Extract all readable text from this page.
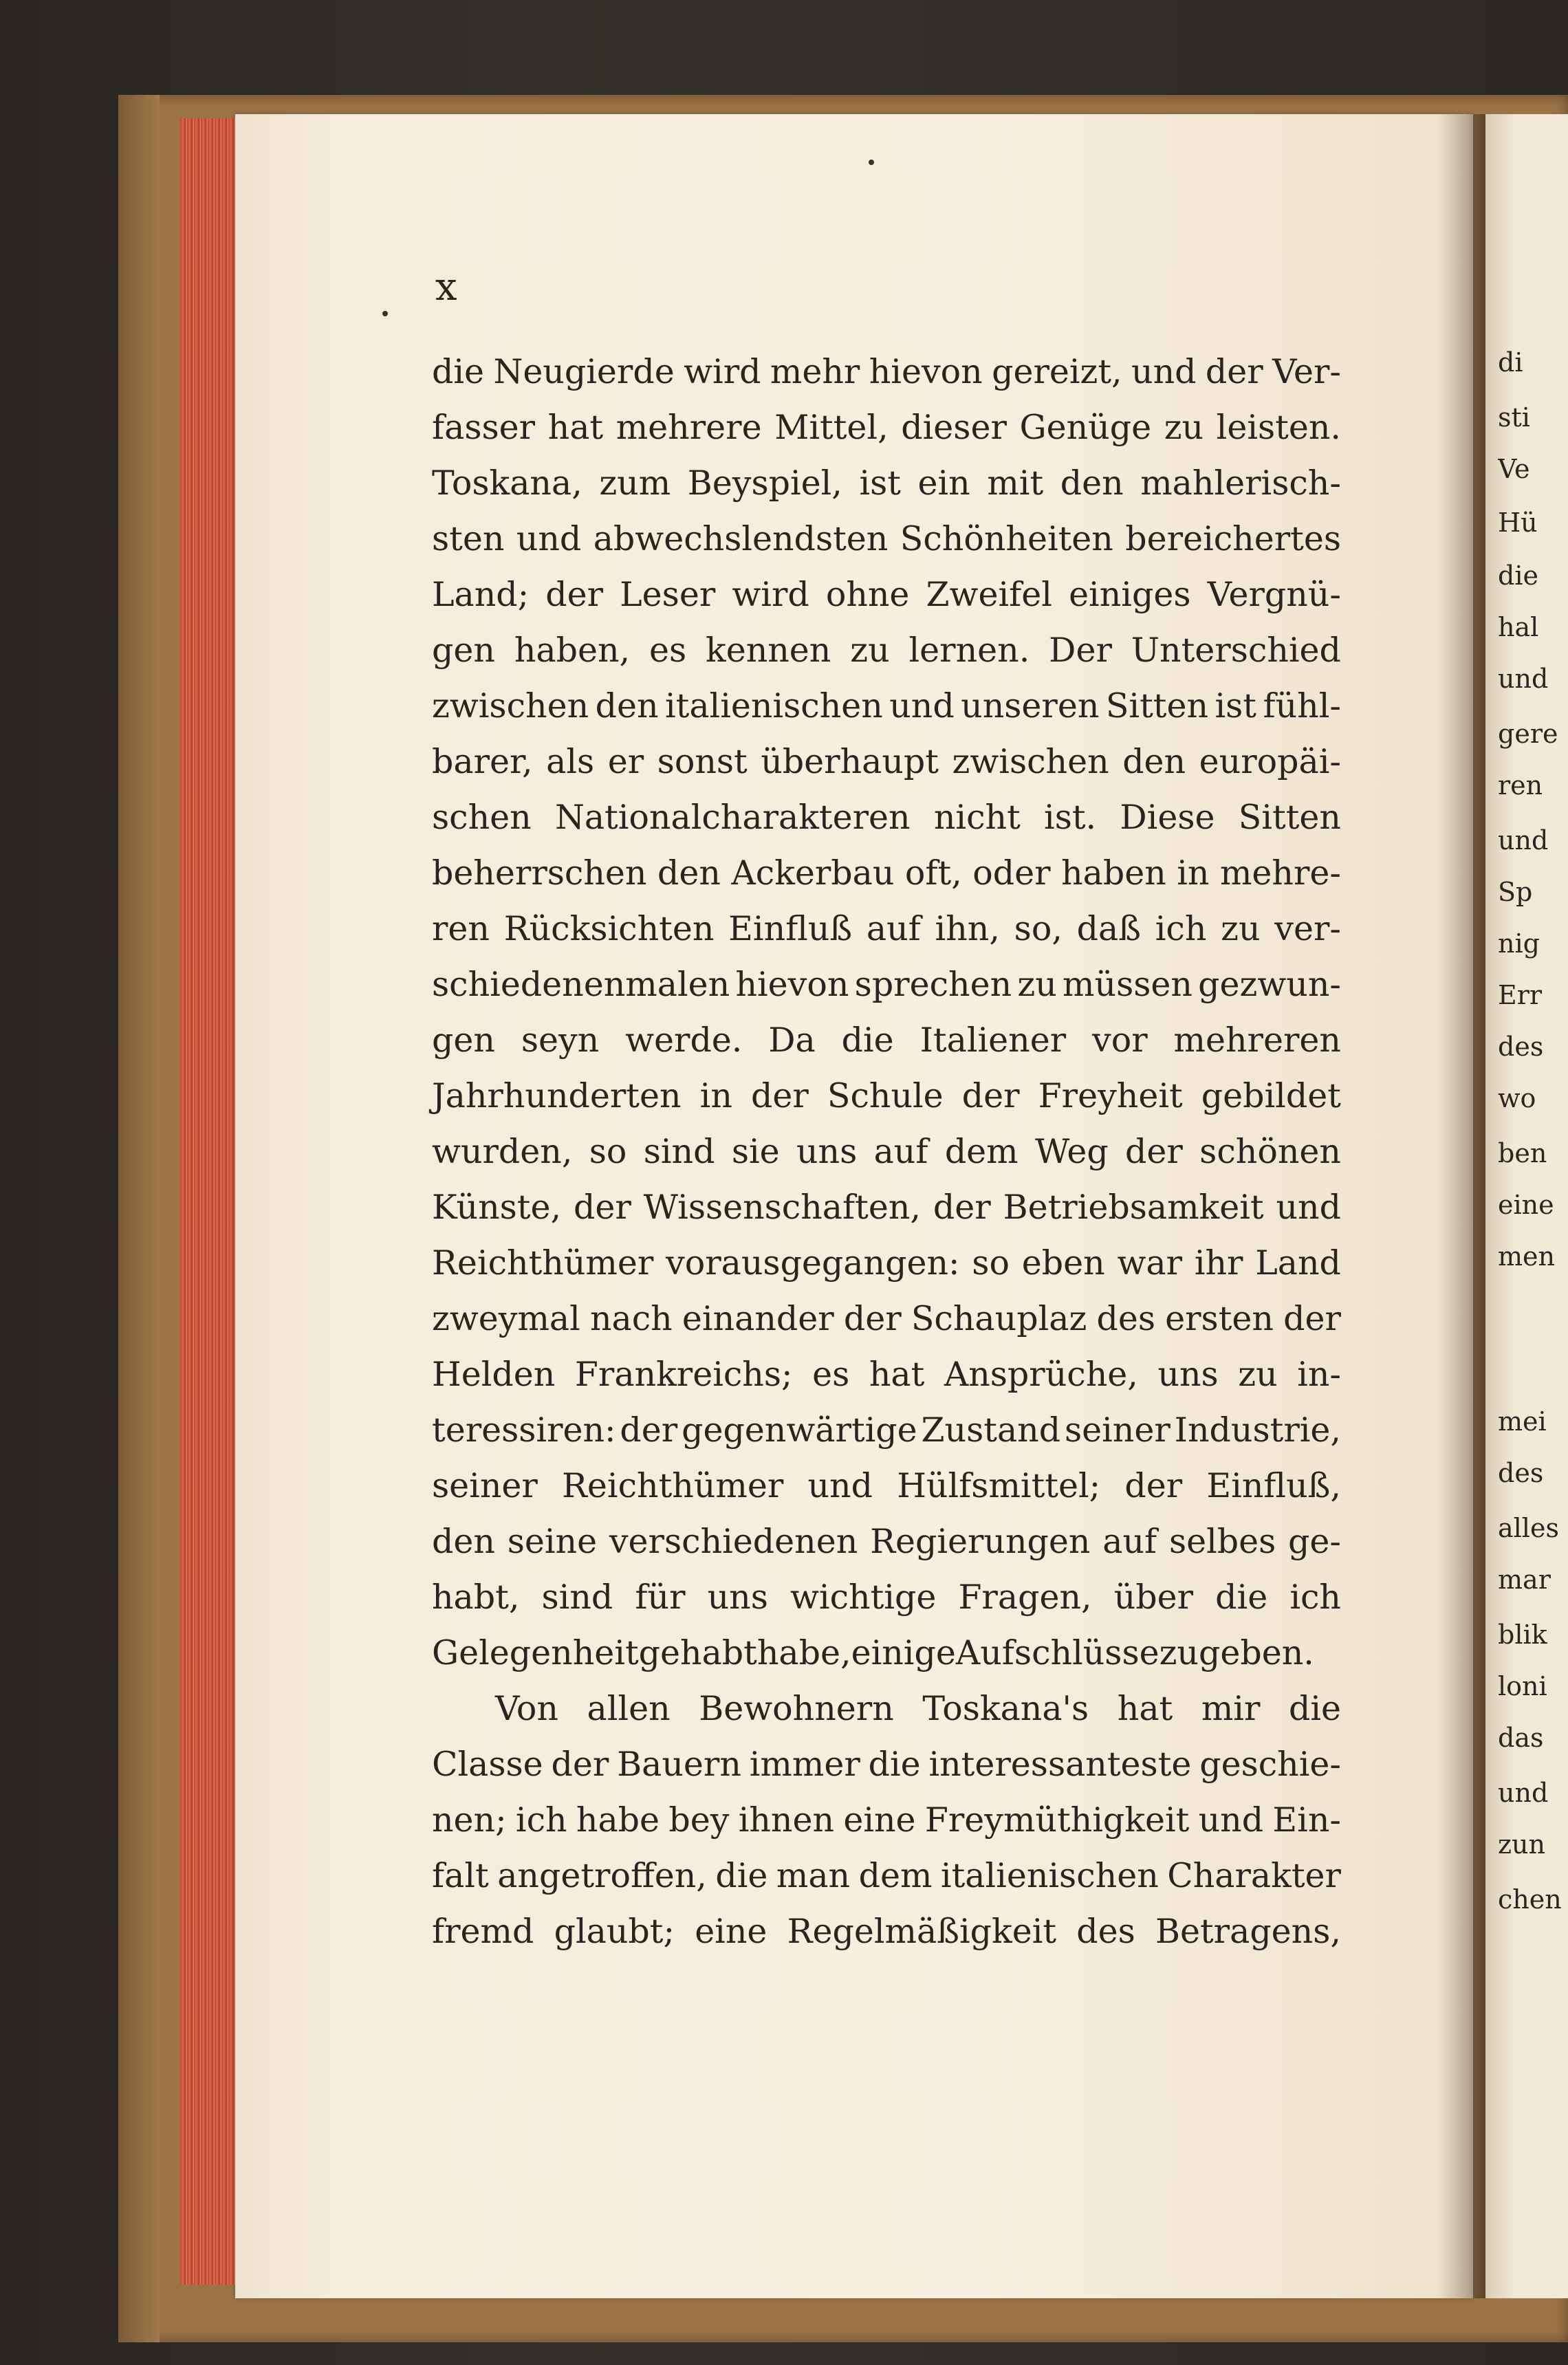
di
sti
Ve
Hü
die
hal
und
gere
ren
und
Sp
nig
Err
des
wo
ben
eine
men
mei
des
alles
mar
blik
loni
das
und
zun
chen
x
die Neugierde wird mehr hievon gereizt, und der Ver-
fasser hat mehrere Mittel, dieser Genüge zu leisten.
Toskana, zum Beyspiel, ist ein mit den mahlerisch-
sten und abwechslendsten Schönheiten bereichertes
Land; der Leser wird ohne Zweifel einiges Vergnü-
gen haben, es kennen zu lernen. Der Unterschied
zwischen den italienischen und unseren Sitten ist fühl-
barer, als er sonst überhaupt zwischen den europäi-
schen Nationalcharakteren nicht ist. Diese Sitten
beherrschen den Ackerbau oft, oder haben in mehre-
ren Rücksichten Einfluß auf ihn, so, daß ich zu ver-
schiedenenmalen hievon sprechen zu müssen gezwun-
gen seyn werde. Da die Italiener vor mehreren
Jahrhunderten in der Schule der Freyheit gebildet
wurden, so sind sie uns auf dem Weg der schönen
Künste, der Wissenschaften, der Betriebsamkeit und
Reichthümer vorausgegangen: so eben war ihr Land
zweymal nach einander der Schauplaz des ersten der
Helden Frankreichs; es hat Ansprüche, uns zu in-
teressiren: der gegenwärtige Zustand seiner Industrie,
seiner Reichthümer und Hülfsmittel; der Einfluß,
den seine verschiedenen Regierungen auf selbes ge-
habt, sind für uns wichtige Fragen, über die ich
Gelegenheit gehabt habe, einige Aufschlüsse zu geben.
Von allen Bewohnern Toskana's hat mir die
Classe der Bauern immer die interessanteste geschie-
nen; ich habe bey ihnen eine Freymüthigkeit und Ein-
falt angetroffen, die man dem italienischen Charakter
fremd glaubt; eine Regelmäßigkeit des Betragens,
